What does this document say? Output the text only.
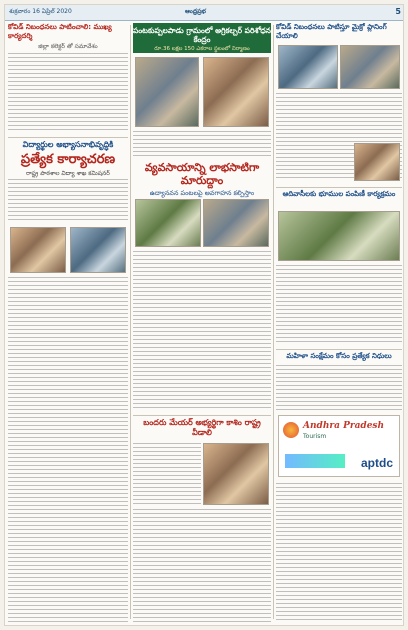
శుక్రవారం 16 ఏప్రిల్ 2020	ఆంధ్రప్రభ	5
కోవిడ్ నిబంధనలు పాటించాలి: ముఖ్య కార్యదర్శి
జిల్లా కలెక్టర్ తో సమావేశం
విద్యార్థుల అభ్యాసనాభివృద్ధికి
ప్రత్యేక కార్యాచరణ
రాష్ట్ర పాఠశాల విద్యా శాఖ కమిషనర్
పంటకుప్పలపాడు గ్రామంలో అగ్రికల్చర్ పరిశోధన కేంద్రం
రూ.36 లక్షల 150 ఎకరాల స్థలంలో నిర్మాణం
వ్యవసాయాన్ని లాభసాటిగా మారుద్దాం
ఉద్యానవన పంటలపై అవగాహన కల్పిస్తాం
బందరు మేయర్ అభ్యర్థిగా కాశిం రాష్ట్ర వీడాలి
కోవిడ్ నిబంధనలు పాటిస్తూ మైక్రో ప్లానింగ్ చేయాలి
ఆదివాసీలకు భూముల పంపిణీ కార్యక్రమం
మహిళా సంక్షేమం కోసం ప్రత్యేక నిధులు
Andhra Pradesh
Tourism
aptdc
